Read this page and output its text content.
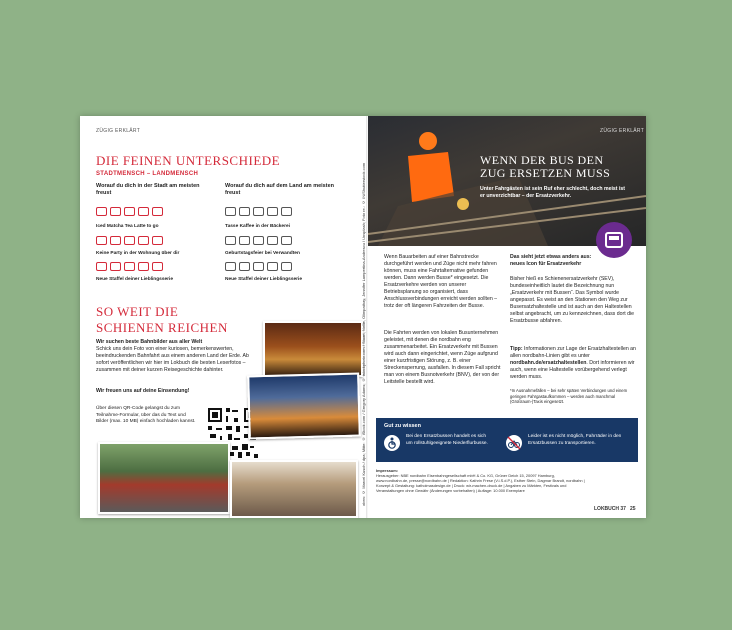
ZÜGIG ERKLÄRT
DIE FEINEN UNTERSCHIEDE
STADTMENSCH – LANDMENSCH
Worauf du dich in der Stadt am meisten freust
Worauf du dich auf dem Land am meisten freust
Iced Matcha Tea Latte to go
Keine Party in der Wohnung über dir
Neue Staffel deiner Lieblingsserie
Tasse Kaffee in der Bäckerei
Geburtstagsfeier bei Verwandten
Neue Staffel deiner Lieblingsserie
SO WEIT DIE
SCHIENEN REICHEN
Wir suchen beste Bahnbilder aus aller Welt
Schick uns dein Foto von einer kuriosen, bemerkenswerten, beeindruckenden Bahnfahrt aus einem anderen Land der Erde. Ab sofort veröffentlichen wir hier im Lokbuch die besten Leserfotos – zusammen mit deiner kurzen Reisegeschichte dahinter.
Wir freuen uns auf deine Einsendung!
Über diesen QR-Code gelangst du zum Teilnahme-Formular, über das du Text und Bilder (max. 10 MB) einfach hochladen kannst.	oben: © Marcel Kusch / dpa; Mitte: © iStock.com / Gregory Adams; © istockphoto.com / Stuart, Nollie, Olimpathay, Jennifer Lampertina-Andrescu / Unsplash; Foto re.: © IN/Shutterstock.com
ZÜGIG ERKLÄRT
WENN DER BUS DEN
ZUG ERSETZEN MUSS
Unter Fahrgästen ist sein Ruf eher schlecht, doch meist ist er unverzichtbar – der Ersatzverkehr.
Wenn Bauarbeiten auf einer Bahnstrecke durchgeführt werden und Züge nicht mehr fahren können, muss eine Fahrtalternative gefunden werden. Dann werden Busse* eingesetzt. Die Ersatzverkehre werden von unserer Betriebsplanung so organisiert, dass Anschlussverbindungen erreicht werden sollten – trotz der oft längeren Fahrzeiten der Busse.
Die Fahrten werden von lokalen Busunternehmen geleistet, mit denen die nordbahn eng zusammenarbeitet. Ein Ersatzverkehr mit Bussen wird auch dann eingerichtet, wenn Züge aufgrund einer kurzfristigen Störung, z. B. einer Streckensperrung, ausfallen. In diesem Fall spricht man von einem Busnotverkehr (BNV), der von der Leitstelle bestellt wird.
Das sieht jetzt etwas anders aus: neues Icon für Ersatzverkehr
Bisher hieß es Schienenersatzverkehr (SEV), bundeseinheitlich lautet die Bezeichnung nun „Ersatzverkehr mit Bussen“. Das Symbol wurde angepasst. Es weist an den Stationen den Weg zur Busersatzhaltestelle und ist auch an den Haltestellen selbst angebracht, um zu kennzeichnen, dass dort die Ersatzbusse abfahren.
Tipp: Informationen zur Lage der Ersatzhaltestellen an allen nordbahn-Linien gibt es unter nordbahn.de/ersatzhaltestellen. Dort informieren wir auch, wenn eine Haltestelle vorübergehend verlegt werden muss.
*In Ausnahmefällen – bei sehr späten Verbindungen und einem geringen Fahrgastaufkommen – werden auch manchmal (Großraum-)Taxis eingesetzt.
Gut zu wissen
Bei den Ersatzbussen handelt es sich um rollstuhlgeeignete Niederflurbusse.
Leider ist es nicht möglich, Fahrräder in den Ersatzbussen zu transportieren.
Impressum:
Herausgeber: NBE nordbahn Eisenbahngesellschaft mbH & Co. KG, Grüner Deich 15, 20097 Hamburg, www.nordbahn.de, presse@nordbahn.de | Redaktion: Kathrin Frese (V.i.S.d.P.), Esther Stein, Dagmar Brandt, nordbahn | Konzept & Gestaltung: katholmasdesign.de | Druck: wir-machen-druck.de | Angaben zu Märkten, Festivals und Veranstaltungen ohne Gewähr (Änderungen vorbehalten) | Auflage: 10.000 Exemplare
LOKBUCH 37 25
